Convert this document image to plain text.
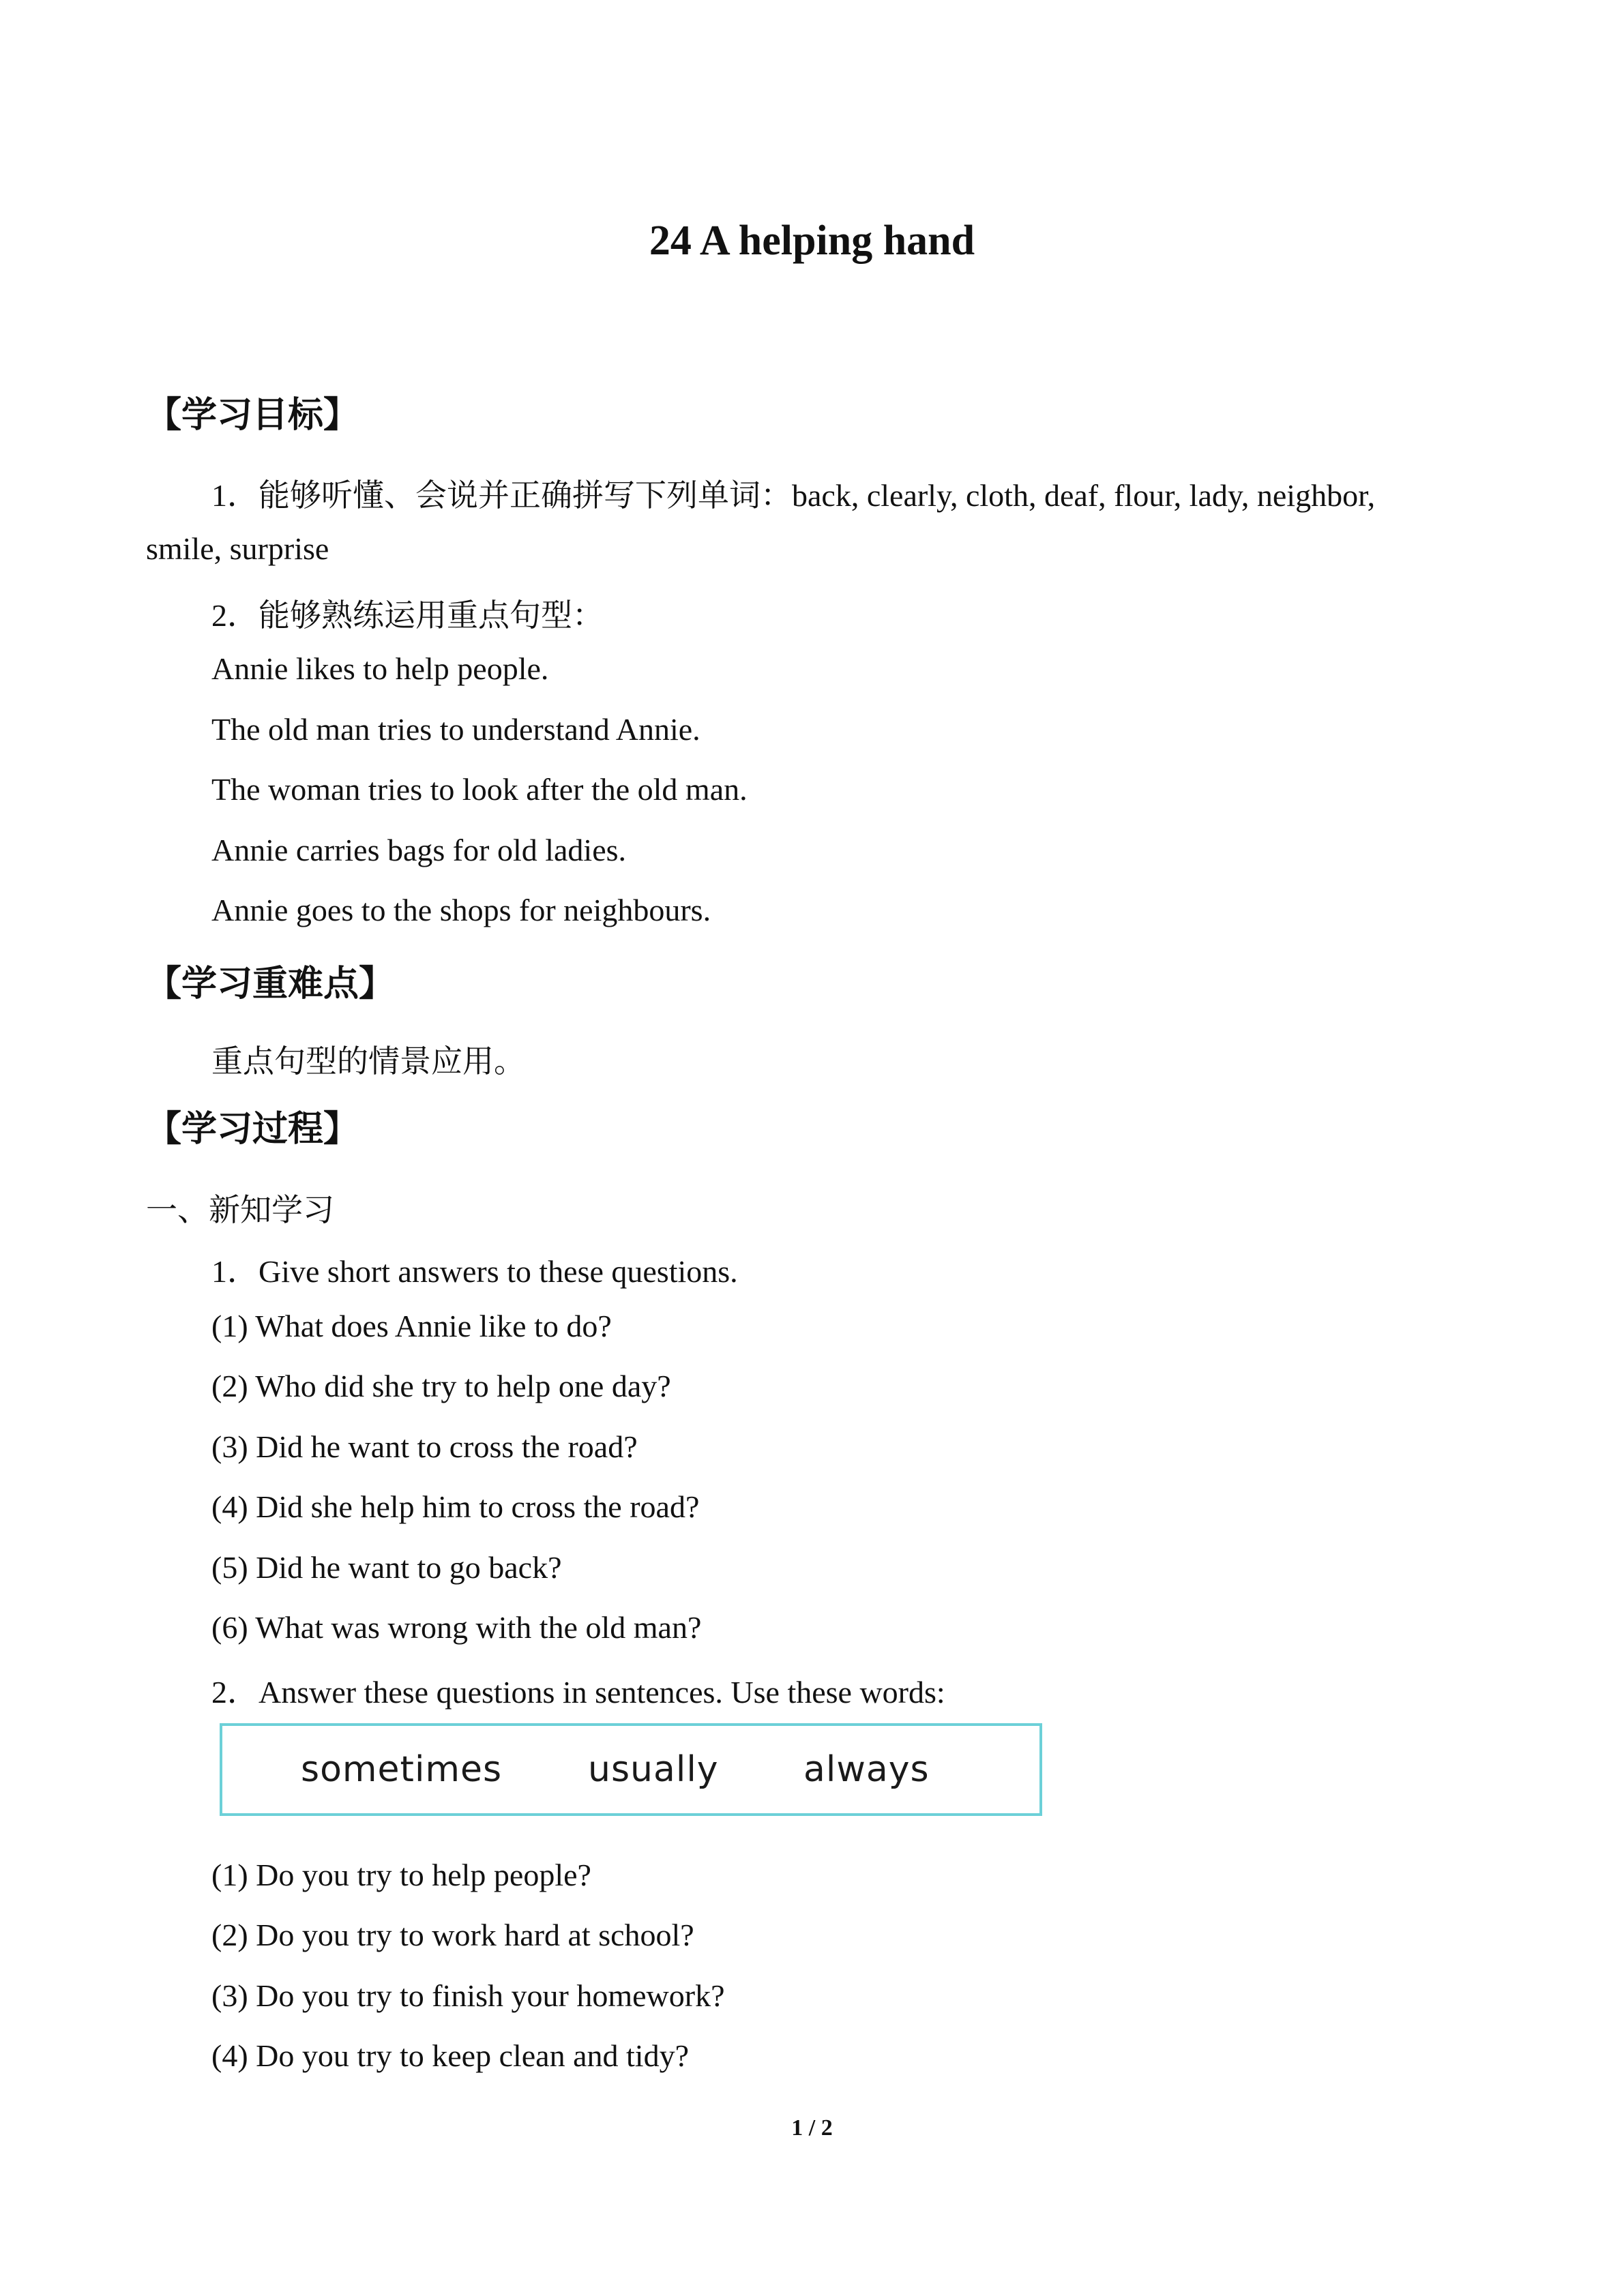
24 A helping hand
【学习目标】
1．能够听懂、会说并正确拼写下列单词：back, clearly, cloth, deaf, flour, lady, neighbor,
smile, surprise
2．能够熟练运用重点句型：
Annie likes to help people.
The old man tries to understand Annie.
The woman tries to look after the old man.
Annie carries bags for old ladies.
Annie goes to the shops for neighbours.
【学习重难点】
重点句型的情景应用。
【学习过程】
一、新知学习
1．Give short answers to these questions.
(1) What does Annie like to do?
(2) Who did she try to help one day?
(3) Did he want to cross the road?
(4) Did she help him to cross the road?
(5) Did he want to go back?
(6) What was wrong with the old man?
2．Answer these questions in sentences. Use these words:
sometimes usually always
(1) Do you try to help people?
(2) Do you try to work hard at school?
(3) Do you try to finish your homework?
(4) Do you try to keep clean and tidy?
1 / 2
